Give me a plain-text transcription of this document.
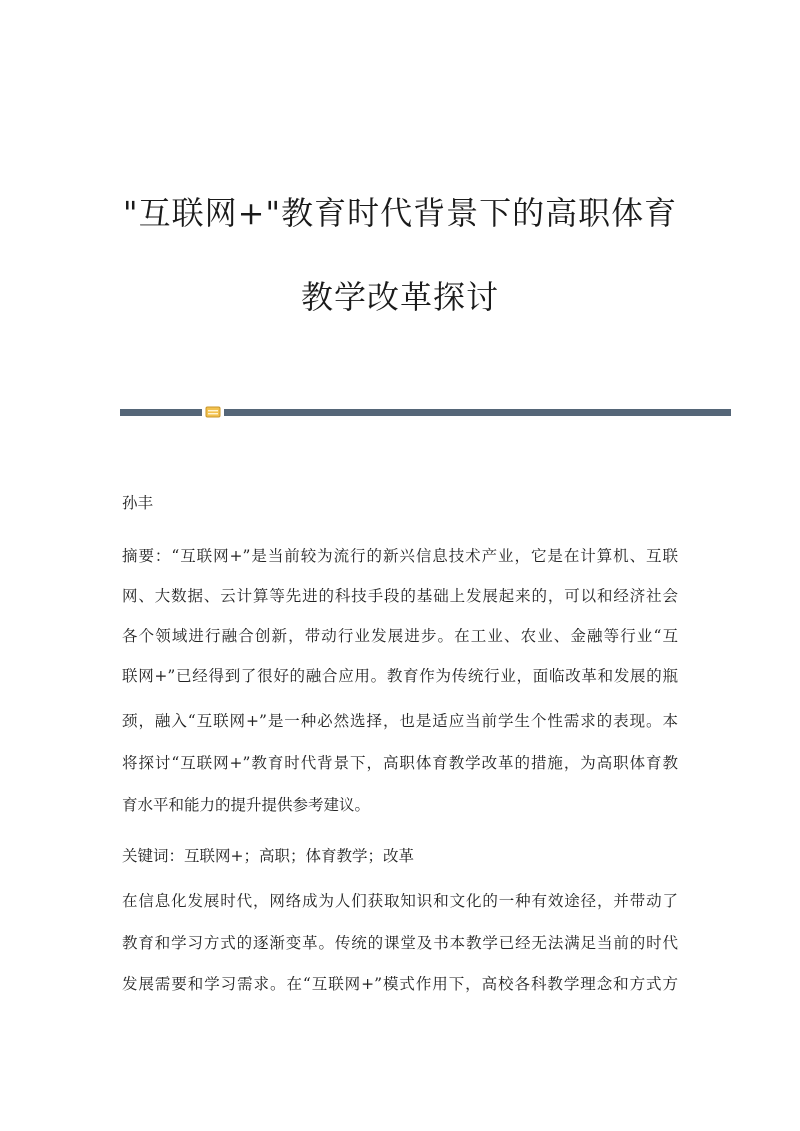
"互联网+"教育时代背景下的高职体育
教学改革探讨
孙丰
摘要：“互联网+”是当前较为流行的新兴信息技术产业，它是在计算机、互联
网、大数据、云计算等先进的科技手段的基础上发展起来的，可以和经济社会
各个领域进行融合创新，带动行业发展进步。在工业、农业、金融等行业“互
联网+”已经得到了很好的融合应用。教育作为传统行业，面临改革和发展的瓶
颈，融入“互联网+”是一种必然选择，也是适应当前学生个性需求的表现。本
将探讨“互联网+”教育时代背景下，高职体育教学改革的措施，为高职体育教
育水平和能力的提升提供参考建议。
关键词：互联网+；高职；体育教学；改革
在信息化发展时代，网络成为人们获取知识和文化的一种有效途径，并带动了
教育和学习方式的逐渐变革。传统的课堂及书本教学已经无法满足当前的时代
发展需要和学习需求。在“互联网+”模式作用下，高校各科教学理念和方式方
